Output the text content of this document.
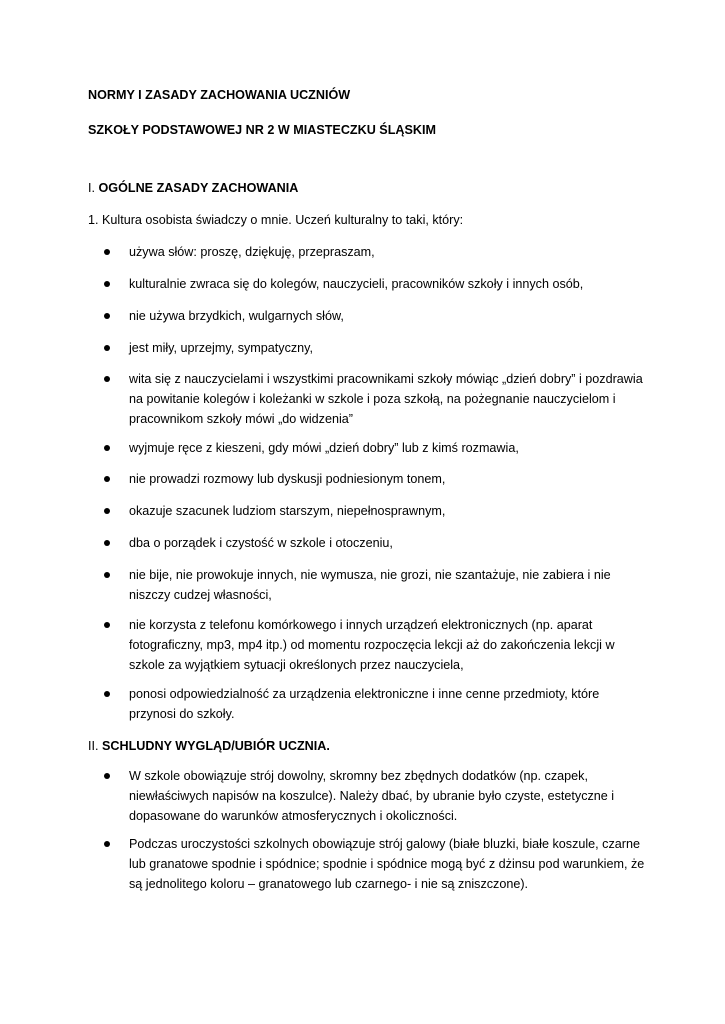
NORMY I ZASADY ZACHOWANIA UCZNIÓW
SZKOŁY PODSTAWOWEJ NR 2 W MIASTECZKU ŚLĄSKIM
I. OGÓLNE ZASADY ZACHOWANIA
1. Kultura osobista świadczy o mnie. Uczeń kulturalny to taki, który:
używa słów: proszę, dziękuję, przepraszam,
kulturalnie zwraca się do kolegów, nauczycieli, pracowników szkoły i innych osób,
nie używa brzydkich, wulgarnych słów,
jest miły, uprzejmy, sympatyczny,
wita się z nauczycielami i wszystkimi pracownikami szkoły mówiąc „dzień dobry” i pozdrawia na powitanie kolegów i koleżanki w szkole i poza szkołą, na pożegnanie nauczycielom i pracownikom szkoły mówi „do widzenia”
wyjmuje ręce z kieszeni, gdy mówi „dzień dobry” lub z kimś rozmawia,
nie prowadzi rozmowy lub dyskusji podniesionym tonem,
okazuje szacunek ludziom starszym, niepełnosprawnym,
dba o porządek i czystość w szkole i otoczeniu,
nie bije, nie prowokuje innych, nie wymusza, nie grozi, nie szantażuje, nie zabiera i nie niszczy cudzej własności,
nie korzysta z telefonu komórkowego i innych urządzeń elektronicznych (np. aparat fotograficzny, mp3, mp4 itp.) od momentu rozpoczęcia lekcji aż do zakończenia lekcji w szkole za wyjątkiem sytuacji określonych przez nauczyciela,
ponosi odpowiedzialność za urządzenia elektroniczne i inne cenne przedmioty, które przynosi do szkoły.
II. SCHLUDNY WYGLĄD/UBIÓR UCZNIA.
W szkole obowiązuje strój dowolny, skromny bez zbędnych dodatków (np. czapek, niewłaściwych napisów na koszulce). Należy dbać, by ubranie było czyste, estetyczne i dopasowane do warunków atmosferycznych i okoliczności.
Podczas uroczystości szkolnych obowiązuje strój galowy (białe bluzki, białe koszule, czarne lub granatowe spodnie i spódnice; spodnie i spódnice mogą być z dżinsu pod warunkiem, że są jednolitego koloru – granatowego lub czarnego- i nie są zniszczone).
